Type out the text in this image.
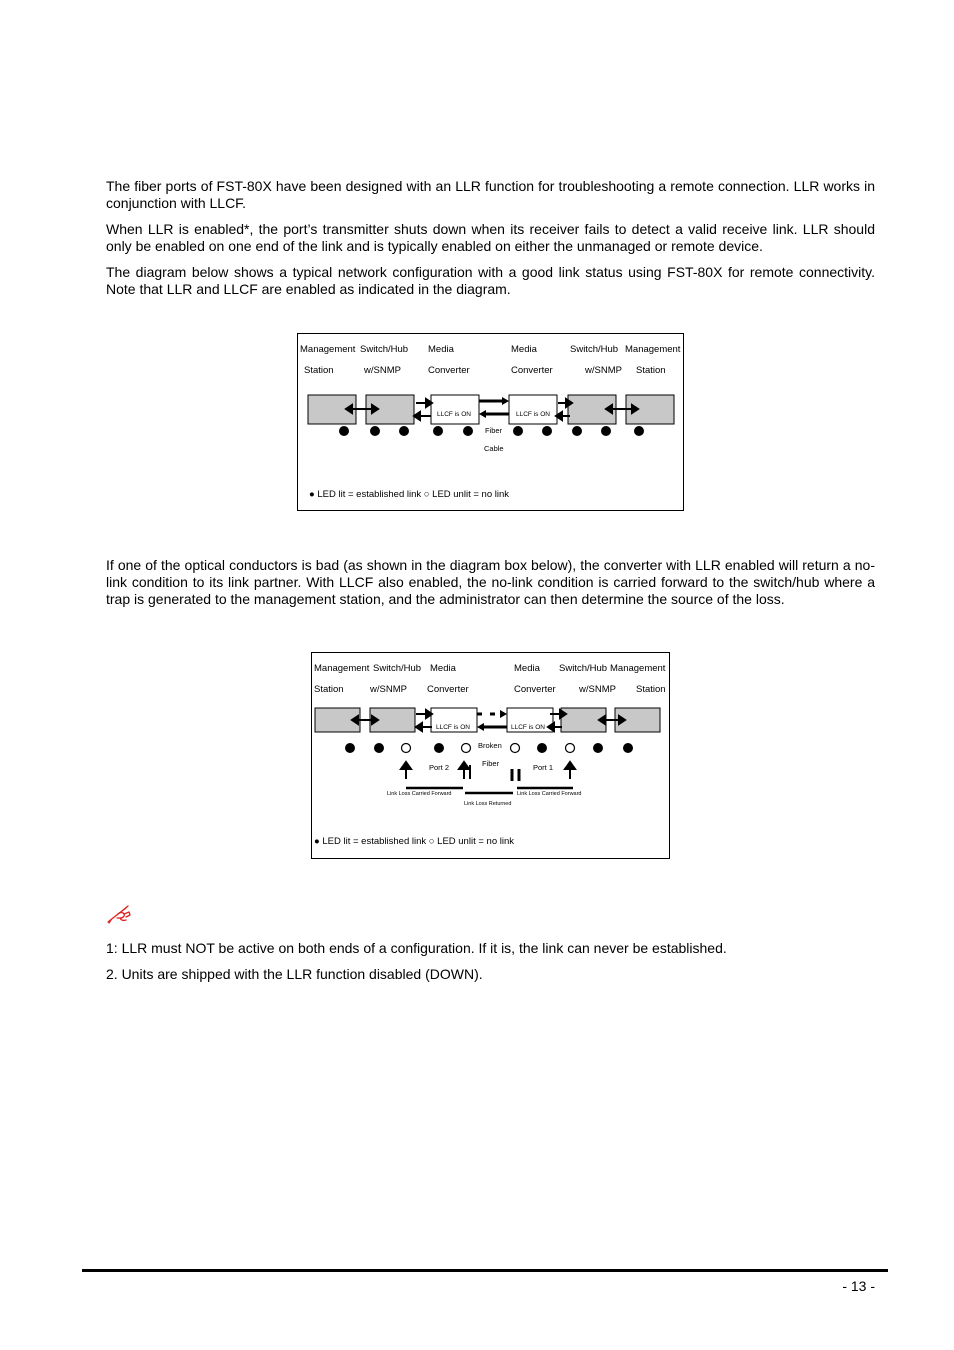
The fiber ports of FST-80X have been designed with an LLR function for troubleshooting a remote connection. LLR works in conjunction with LLCF.

When LLR is enabled*, the port’s transmitter shuts down when its receiver fails to detect a valid receive link. LLR should only be enabled on one end of the link and is typically enabled on either the unmanaged or remote device.

The diagram below shows a typical network configuration with a good link status using FST-80X for remote connectivity. Note that LLR and LLCF are enabled as indicated in the diagram.

Management
Station
Switch/Hub
w/SNMP
Media
Converter
Media
Converter
Switch/Hub
w/SNMP
Management
Station
LLCF is ON	LLCF is ON
Fiber
Cable
● LED lit = established link ○ LED unlit = no link

If one of the optical conductors is bad (as shown in the diagram box below), the converter with LLR enabled will return a no-link condition to its link partner. With LLCF also enabled, the no-link condition is carried forward to the switch/hub where a trap is generated to the management station, and the administrator can then determine the source of the loss.

Management
Station
Switch/Hub
w/SNMP
Media
Converter
Media
Converter
Switch/Hub
w/SNMP
Management
Station
LLCF is ON	LLCF is ON
Broken
Fiber
Port 2	Port 1
Link Loss Carried Forward	Link Loss Carried Forward
Link Loss Returned
● LED lit = established link ○ LED unlit = no link

1: LLR must NOT be active on both ends of a configuration. If it is, the link can never be established.

2. Units are shipped with the LLR function disabled (DOWN).

- 13 -
